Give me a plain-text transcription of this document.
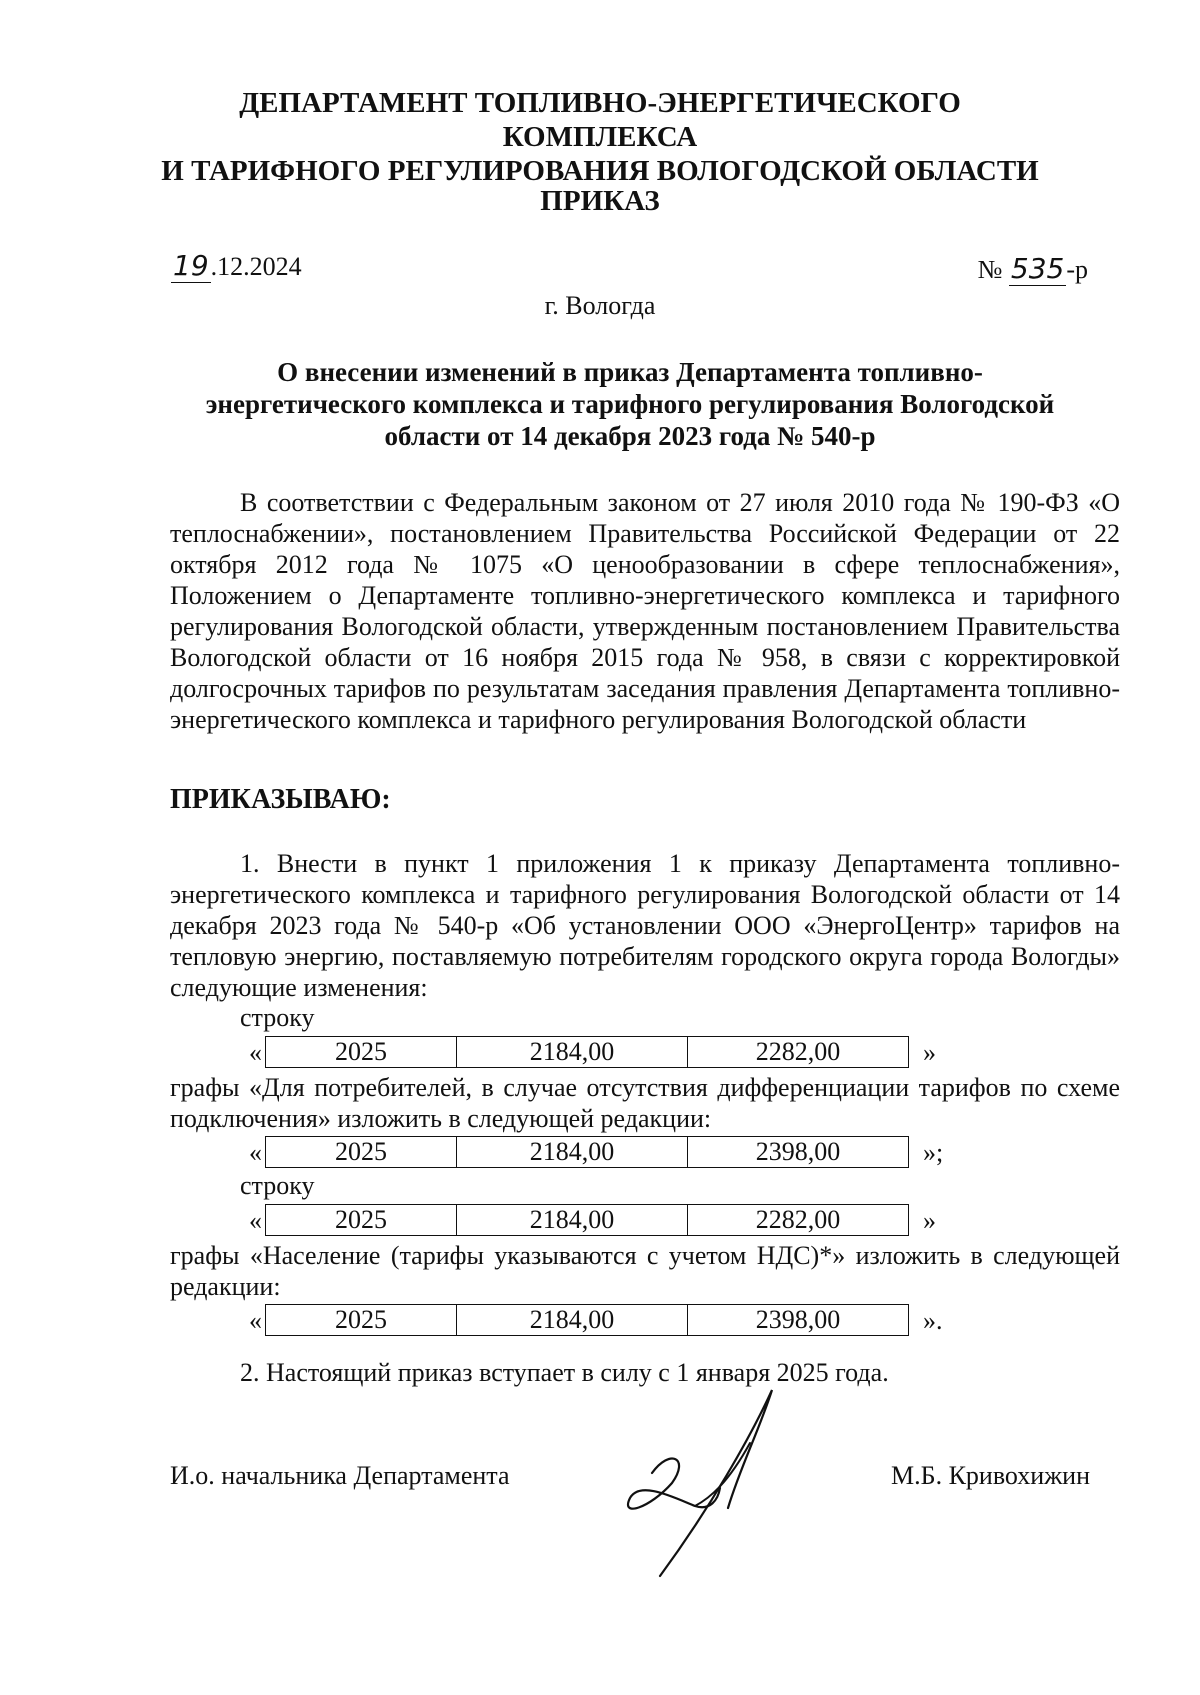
ДЕПАРТАМЕНТ ТОПЛИВНО-ЭНЕРГЕТИЧЕСКОГО КОМПЛЕКСА
И ТАРИФНОГО РЕГУЛИРОВАНИЯ ВОЛОГОДСКОЙ ОБЛАСТИ
ПРИКАЗ
19.12.2024	№ 535-р
г. Вологда
О внесении изменений в приказ Департамента топливно-
энергетического комплекса и тарифного регулирования Вологодской
области от 14 декабря 2023 года № 540-р
В соответствии с Федеральным законом от 27 июля 2010 года № 190-ФЗ «О теплоснабжении», постановлением Правительства Российской Федерации от 22 октября 2012 года № 1075 «О ценообразовании в сфере теплоснабжения», Положением о Департаменте топливно-энергетического комплекса и тарифного регулирования Вологодской области, утвержденным постановлением Правительства Вологодской области от 16 ноября 2015 года № 958, в связи с корректировкой долгосрочных тарифов по результатам заседания правления Департамента топливно-энергетического комплекса и тарифного регулирования Вологодской области
ПРИКАЗЫВАЮ:
1. Внести в пункт 1 приложения 1 к приказу Департамента топливно-энергетического комплекса и тарифного регулирования Вологодской области от 14 декабря 2023 года № 540-р «Об установлении ООО «ЭнергоЦентр» тарифов на тепловую энергию, поставляемую потребителям городского округа города Вологды» следующие изменения:
строку
«	2025	2184,00	2282,00	»
графы «Для потребителей, в случае отсутствия дифференциации тарифов по схеме подключения» изложить в следующей редакции:
«	2025	2184,00	2398,00	»;
строку
«	2025	2184,00	2282,00	»
графы «Население (тарифы указываются с учетом НДС)*» изложить в следующей редакции:
«	2025	2184,00	2398,00	».
2. Настоящий приказ вступает в силу с 1 января 2025 года.
И.о. начальника Департамента	М.Б. Кривохижин
